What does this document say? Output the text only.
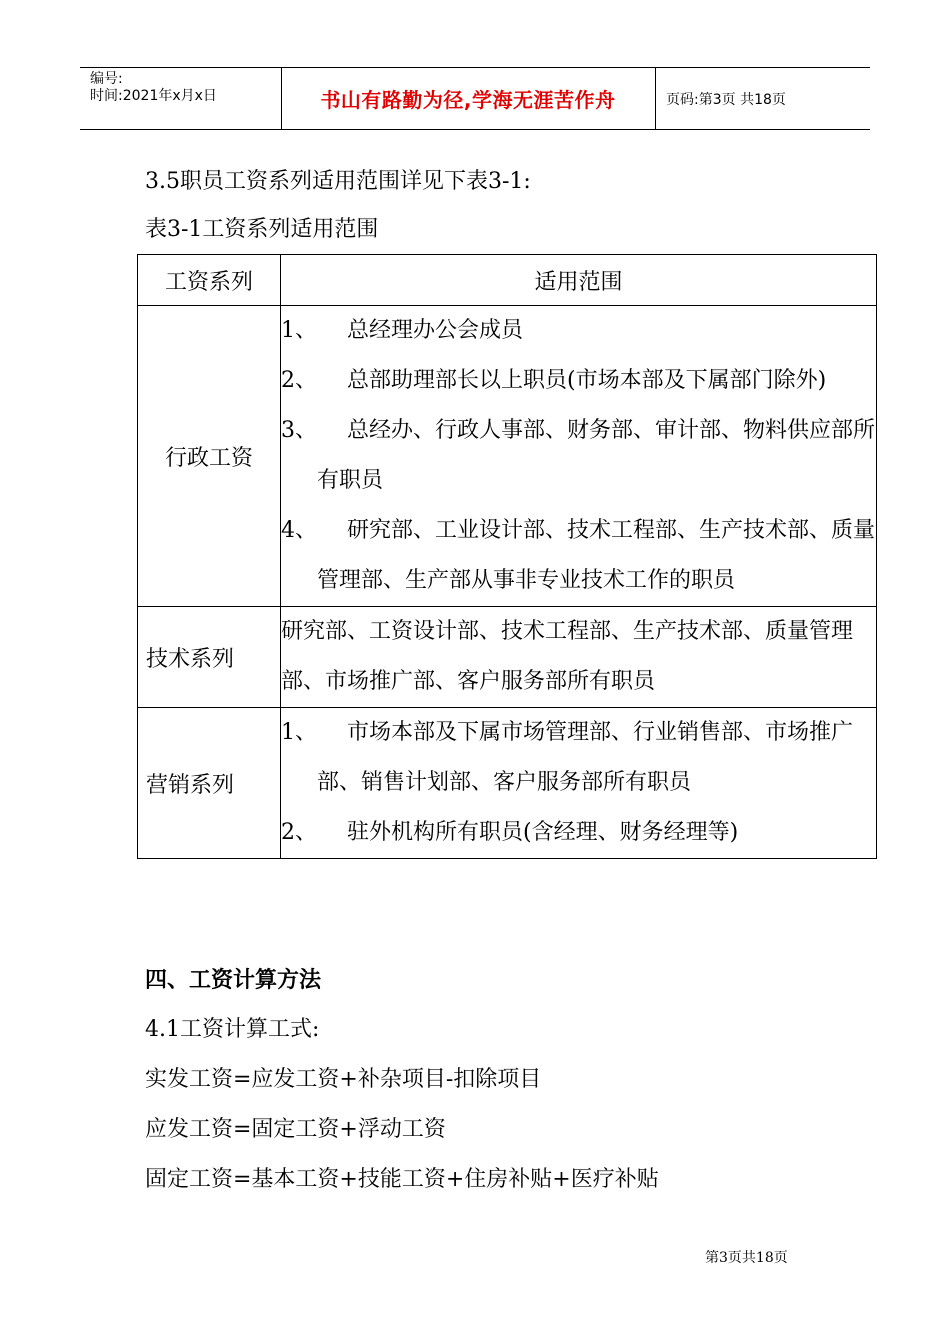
编号:
时间:2021年x月x日	书山有路勤为径,学海无涯苦作舟	页码:第3页 共18页
3.5职员工资系列适用范围详见下表3-1:
表3-1工资系列适用范围
工资系列	适用范围
行政工资	1、 总经理办公会成员
2、 总部助理部长以上职员(市场本部及下属部门除外)
3、 总经办、行政人事部、财务部、审计部、物料供应部所有职员
4、 研究部、工业设计部、技术工程部、生产技术部、质量管理部、生产部从事非专业技术工作的职员

技术系列	研究部、工资设计部、技术工程部、生产技术部、质量管理部、市场推广部、客户服务部所有职员
营销系列	1、 市场本部及下属市场管理部、行业销售部、市场推广部、销售计划部、客户服务部所有职员
2、 驻外机构所有职员(含经理、财务经理等)
四、工资计算方法
4.1工资计算工式:
实发工资=应发工资+补杂项目-扣除项目
应发工资=固定工资+浮动工资
固定工资=基本工资+技能工资+住房补贴+医疗补贴
第3页共18页
